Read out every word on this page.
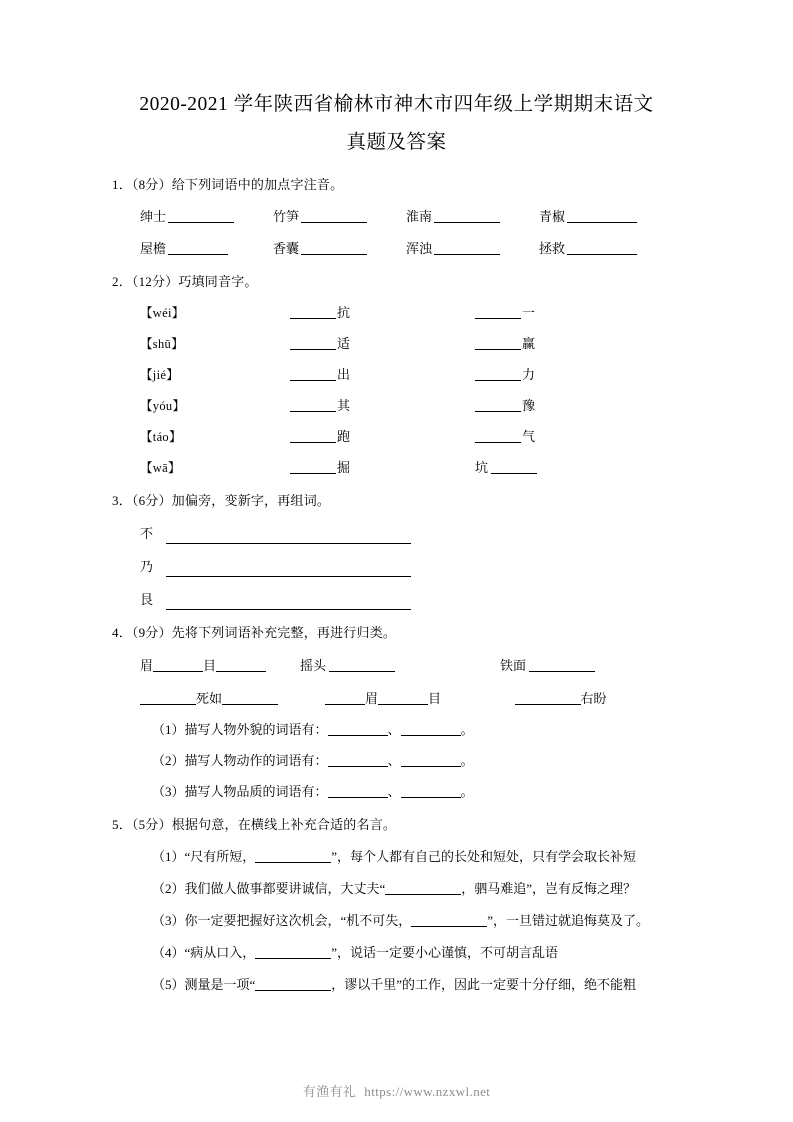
2020-2021 学年陕西省榆林市神木市四年级上学期期末语文
真题及答案
1．（8分）给下列词语中的加点字注音。
绅士	竹笋	淮南	青椒
屋檐	香囊	浑浊	拯救
2．（12分）巧填同音字。
【wéi】	抗	一
【shū】	适	赢
【jié】	出	力
【yóu】	其	豫
【táo】	跑	气
【wā】	掘	坑
3．（6分）加偏旁，变新字，再组词。
不
乃
艮
4．（9分）先将下列词语补充完整，再进行归类。
眉	目	摇头	铁面
死如	眉	目	右盼
（1）描写人物外貌的词语有：	、	。
（2）描写人物动作的词语有：	、	。
（3）描写人物品质的词语有：	、	。
5．（5分）根据句意，在横线上补充合适的名言。
（1）“尺有所短，	”，每个人都有自己的长处和短处，只有学会取长补短
（2）我们做人做事都要讲诚信，大丈夫“	，驷马难追”，岂有反悔之理？
（3）你一定要把握好这次机会，“机不可失，	”，一旦错过就追悔莫及了。
（4）“病从口入，	”，说话一定要小心谨慎，不可胡言乱语
（5）测量是一项“	，谬以千里”的工作，因此一定要十分仔细，绝不能粗
有渔有礼 https://www.nzxwl.net
